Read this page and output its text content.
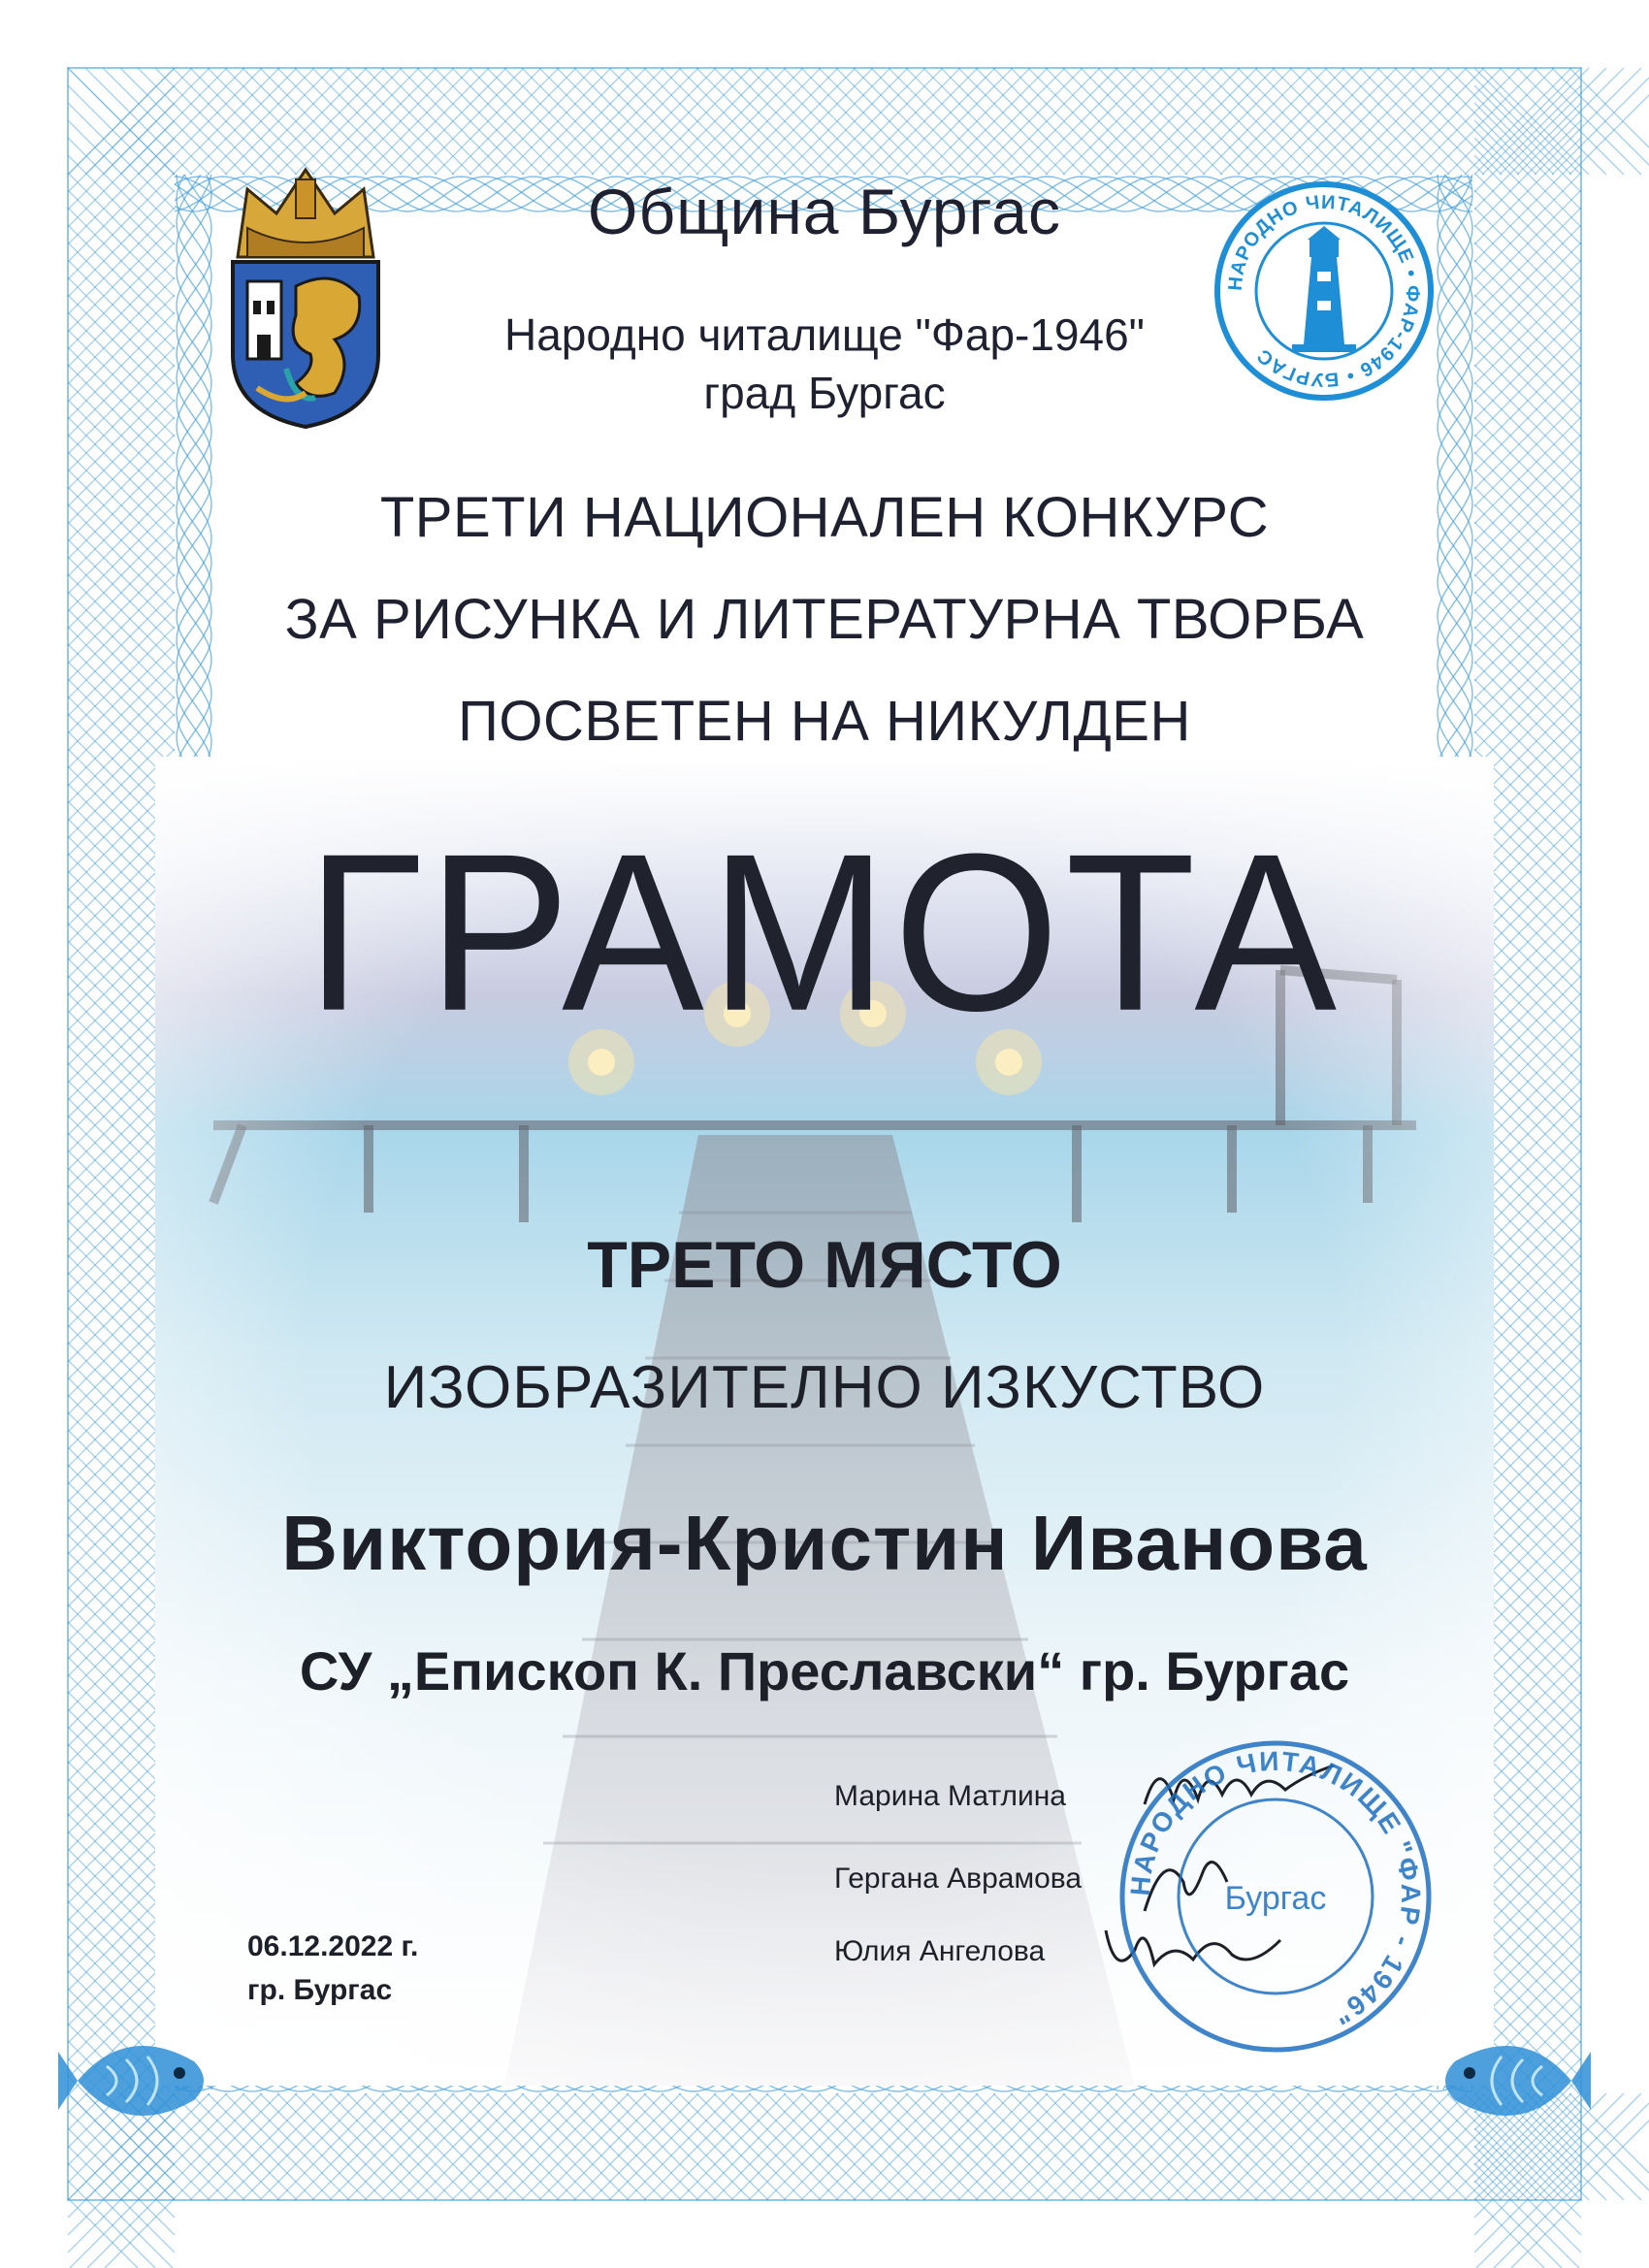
НАРОДНО ЧИТАЛИЩЕ • ФАР-1946 • БУРГАС
Община Бургас
Народно читалище "Фар-1946"
град Бургас
ТРЕТИ НАЦИОНАЛЕН КОНКУРС
ЗА РИСУНКА И ЛИТЕРАТУРНА ТВОРБА
ПОСВЕТЕН НА НИКУЛДЕН
ГРАМОТА
ТРЕТО МЯСТО
ИЗОБРАЗИТЕЛНО ИЗКУСТВО
Виктория-Кристин Иванова
СУ „Епископ К. Преславски“ гр. Бургас
Марина Матлина
Гергана Аврамова
Юлия Ангелова
НАРОДНО ЧИТАЛИЩЕ "ФАР - 1946"
Бургас
06.12.2022 г.
гр. Бургас
